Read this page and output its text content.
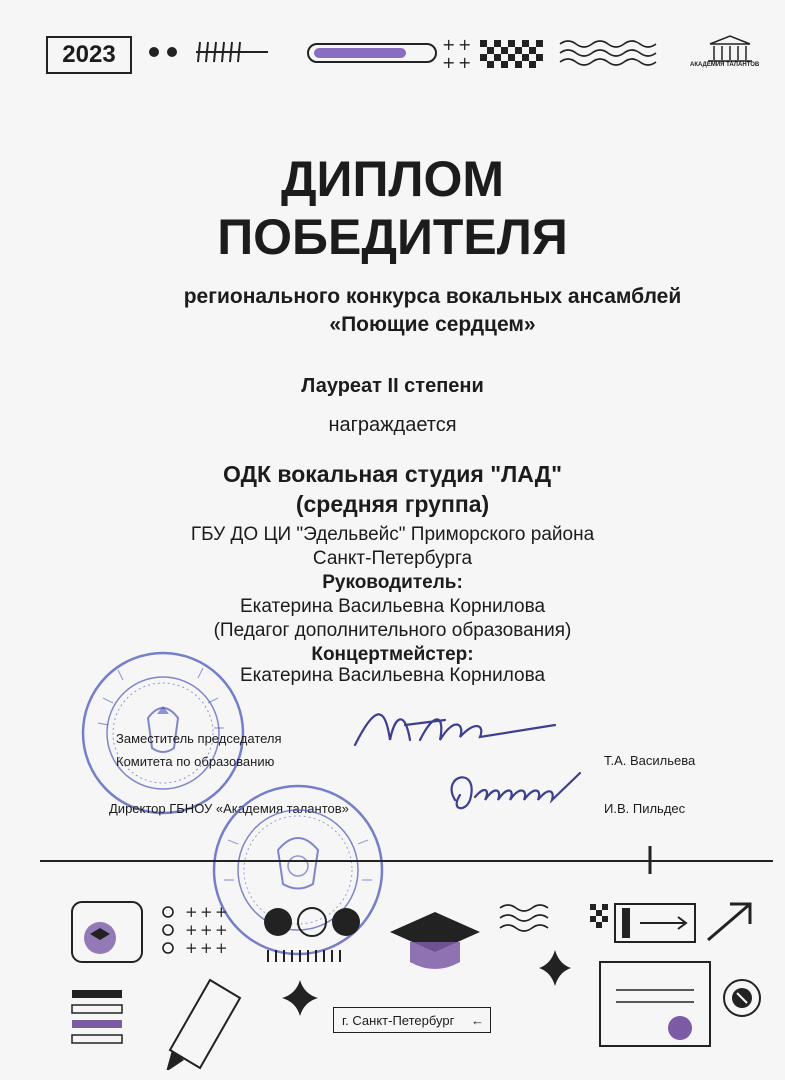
2023	+ +
+ +	АКАДЕМИЯ ТАЛАНТОВ
ДИПЛОМ
ПОБЕДИТЕЛЯ
регионального конкурса вокальных ансамблей
«Поющие сердцем»
Лауреат II степени
награждается
ОДК вокальная студия "ЛАД"
(средняя группа)
ГБУ ДО ЦИ "Эдельвейс" Приморского района
Санкт-Петербурга
Руководитель:
Екатерина Васильевна Корнилова
(Педагог дополнительного образования)
Концертмейстер:
Екатерина Васильевна Корнилова
Заместитель председателя
Комитета по образованию	Т.А. Васильева
Директор ГБНОУ «Академия талантов»	И.В. Пильдес
+ + +
+ + +
+ + +
г. Санкт-Петербург ←
